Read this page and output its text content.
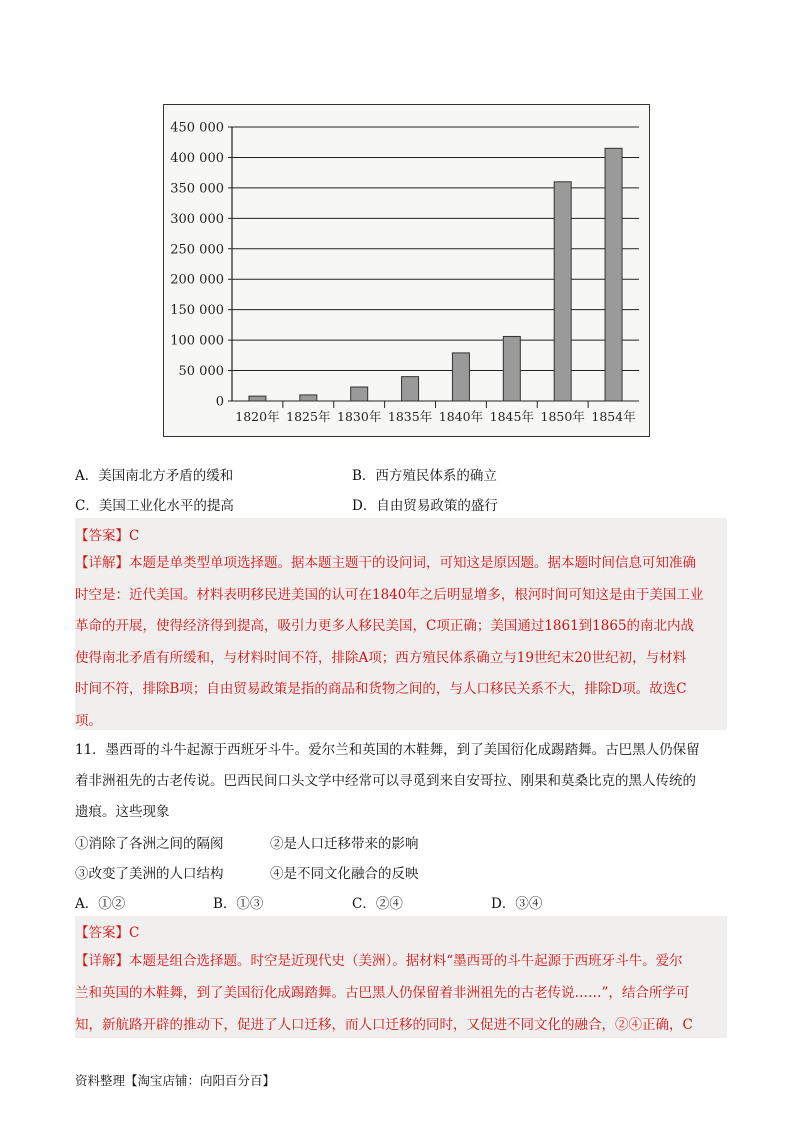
450 000
400 000
350 000
300 000
250 000
200 000
150 000
100 000
50 000
0
1820年 1825年 1830年 1835年 1840年 1845年 1850年 1854年
A．美国南北方矛盾的缓和	B．西方殖民体系的确立
C．美国工业化水平的提高	D．自由贸易政策的盛行
【答案】C
【详解】本题是单类型单项选择题。据本题主题干的设问词，可知这是原因题。据本题时间信息可知准确
时空是：近代美国。材料表明移民进美国的认可在1840年之后明显增多，根河时间可知这是由于美国工业
革命的开展，使得经济得到提高，吸引力更多人移民美国，C项正确；美国通过1861到1865的南北内战
使得南北矛盾有所缓和，与材料时间不符，排除A项；西方殖民体系确立与19世纪末20世纪初，与材料
时间不符，排除B项；自由贸易政策是指的商品和货物之间的，与人口移民关系不大，排除D项。故选C
项。
11．墨西哥的斗牛起源于西班牙斗牛。爱尔兰和英国的木鞋舞，到了美国衍化成踢踏舞。古巴黑人仍保留
着非洲祖先的古老传说。巴西民间口头文学中经常可以寻觅到来自安哥拉、刚果和莫桑比克的黑人传统的
遗痕。这些现象
①消除了各洲之间的隔阂	②是人口迁移带来的影响
③改变了美洲的人口结构	④是不同文化融合的反映
A．①②	B．①③	C．②④	D．③④
【答案】C
【详解】本题是组合选择题。时空是近现代史（美洲）。据材料“墨西哥的斗牛起源于西班牙斗牛。爱尔
兰和英国的木鞋舞，到了美国衍化成踢踏舞。古巴黑人仍保留着非洲祖先的古老传说……”，结合所学可
知，新航路开辟的推动下，促进了人口迁移，而人口迁移的同时，又促进不同文化的融合，②④正确，C
资料整理【淘宝店铺：向阳百分百】
